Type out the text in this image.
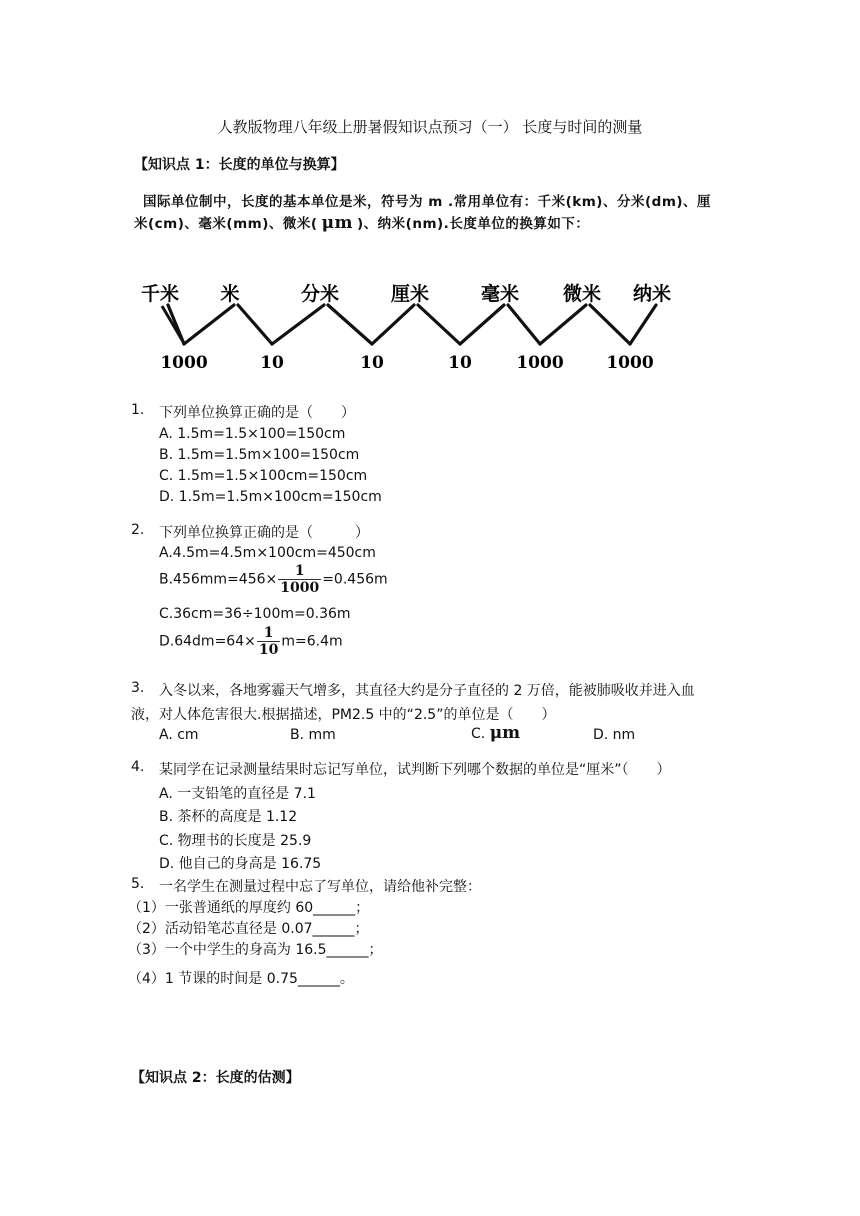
人教版物理八年级上册暑假知识点预习（一） 长度与时间的测量
【知识点 1：长度的单位与换算】
国际单位制中，长度的基本单位是米，符号为 m .常用单位有：千米(km)、分米(dm)、厘
米(cm)、毫米(mm)、微米( μm )、纳米(nm).长度单位的换算如下：
千米 米	分米	厘米	毫米 微米 纳米
1000	10	10	10	1000	1000
1. 下列单位换算正确的是（　　）
A. 1.5m=1.5×100=150cm
B. 1.5m=1.5m×100=150cm
C. 1.5m=1.5×100cm=150cm
D. 1.5m=1.5m×100cm=150cm
2. 下列单位换算正确的是（　　　）
A.4.5m=4.5m×100cm=450cm
$B.456mm=456\times \frac{1}{1000} =0.456m$
C.36cm=36÷100m=0.36m
$D.64dm=64\times \frac{1}{10} m=6.4m$
3. 入冬以来，各地雾霾天气增多，其直径大约是分子直径的 2 万倍，能被肺吸收并进入血
液，对人体危害很大.根据描述，PM2.5 中的“2.5”的单位是（　　）
A. cm	B. mm	C. μm	D. nm
4. 某同学在记录测量结果时忘记写单位，试判断下列哪个数据的单位是“厘米”（　　）
A. 一支铅笔的直径是 7.1
B. 茶杯的高度是 1.12
C. 物理书的长度是 25.9
D. 他自己的身高是 16.75
5. 一名学生在测量过程中忘了写单位，请给他补完整：
（1）一张普通纸的厚度约 60______；
（2）活动铅笔芯直径是 0.07______；
（3）一个中学生的身高为 16.5______；
（4）1 节课的时间是 0.75______。
【知识点 2：长度的估测】
